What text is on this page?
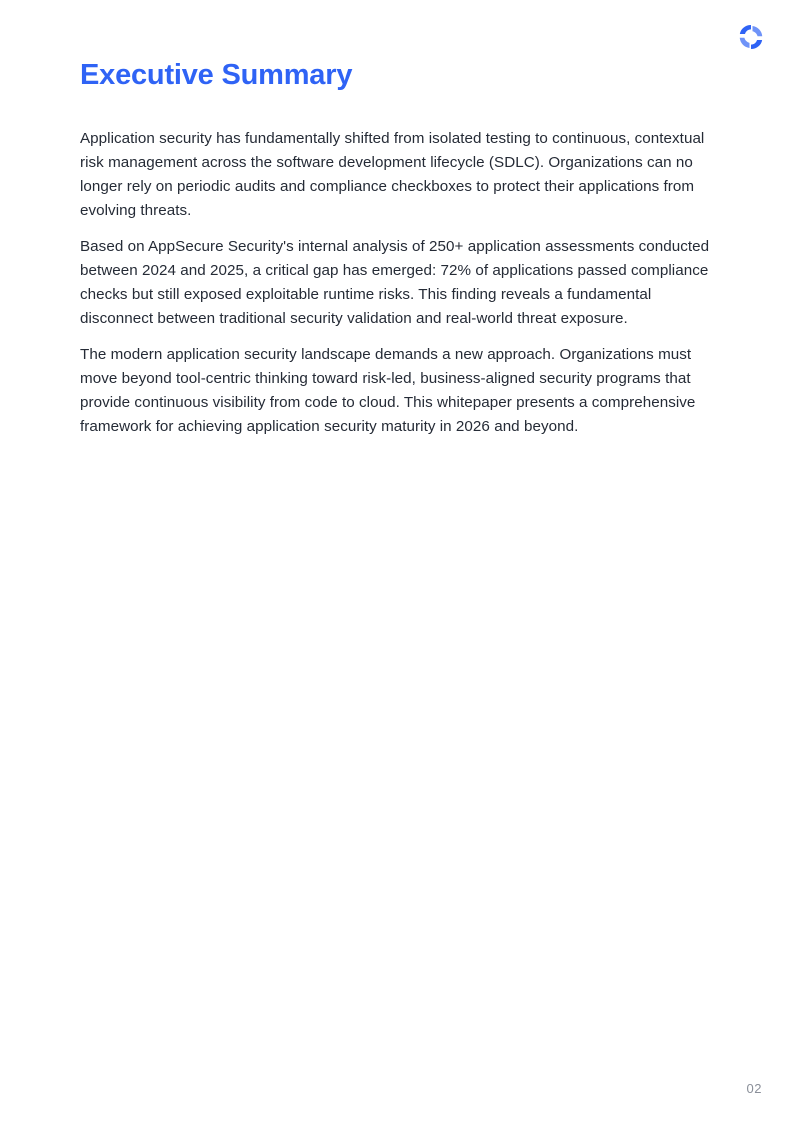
Executive Summary

Application security has fundamentally shifted from isolated testing to continuous, contextual risk management across the software development lifecycle (SDLC). Organizations can no longer rely on periodic audits and compliance checkboxes to protect their applications from evolving threats.

Based on AppSecure Security's internal analysis of 250+ application assessments conducted between 2024 and 2025, a critical gap has emerged: 72% of applications passed compliance checks but still exposed exploitable runtime risks. This finding reveals a fundamental disconnect between traditional security validation and real-world threat exposure.

The modern application security landscape demands a new approach. Organizations must move beyond tool-centric thinking toward risk-led, business-aligned security programs that provide continuous visibility from code to cloud. This whitepaper presents a comprehensive framework for achieving application security maturity in 2026 and beyond.

02
